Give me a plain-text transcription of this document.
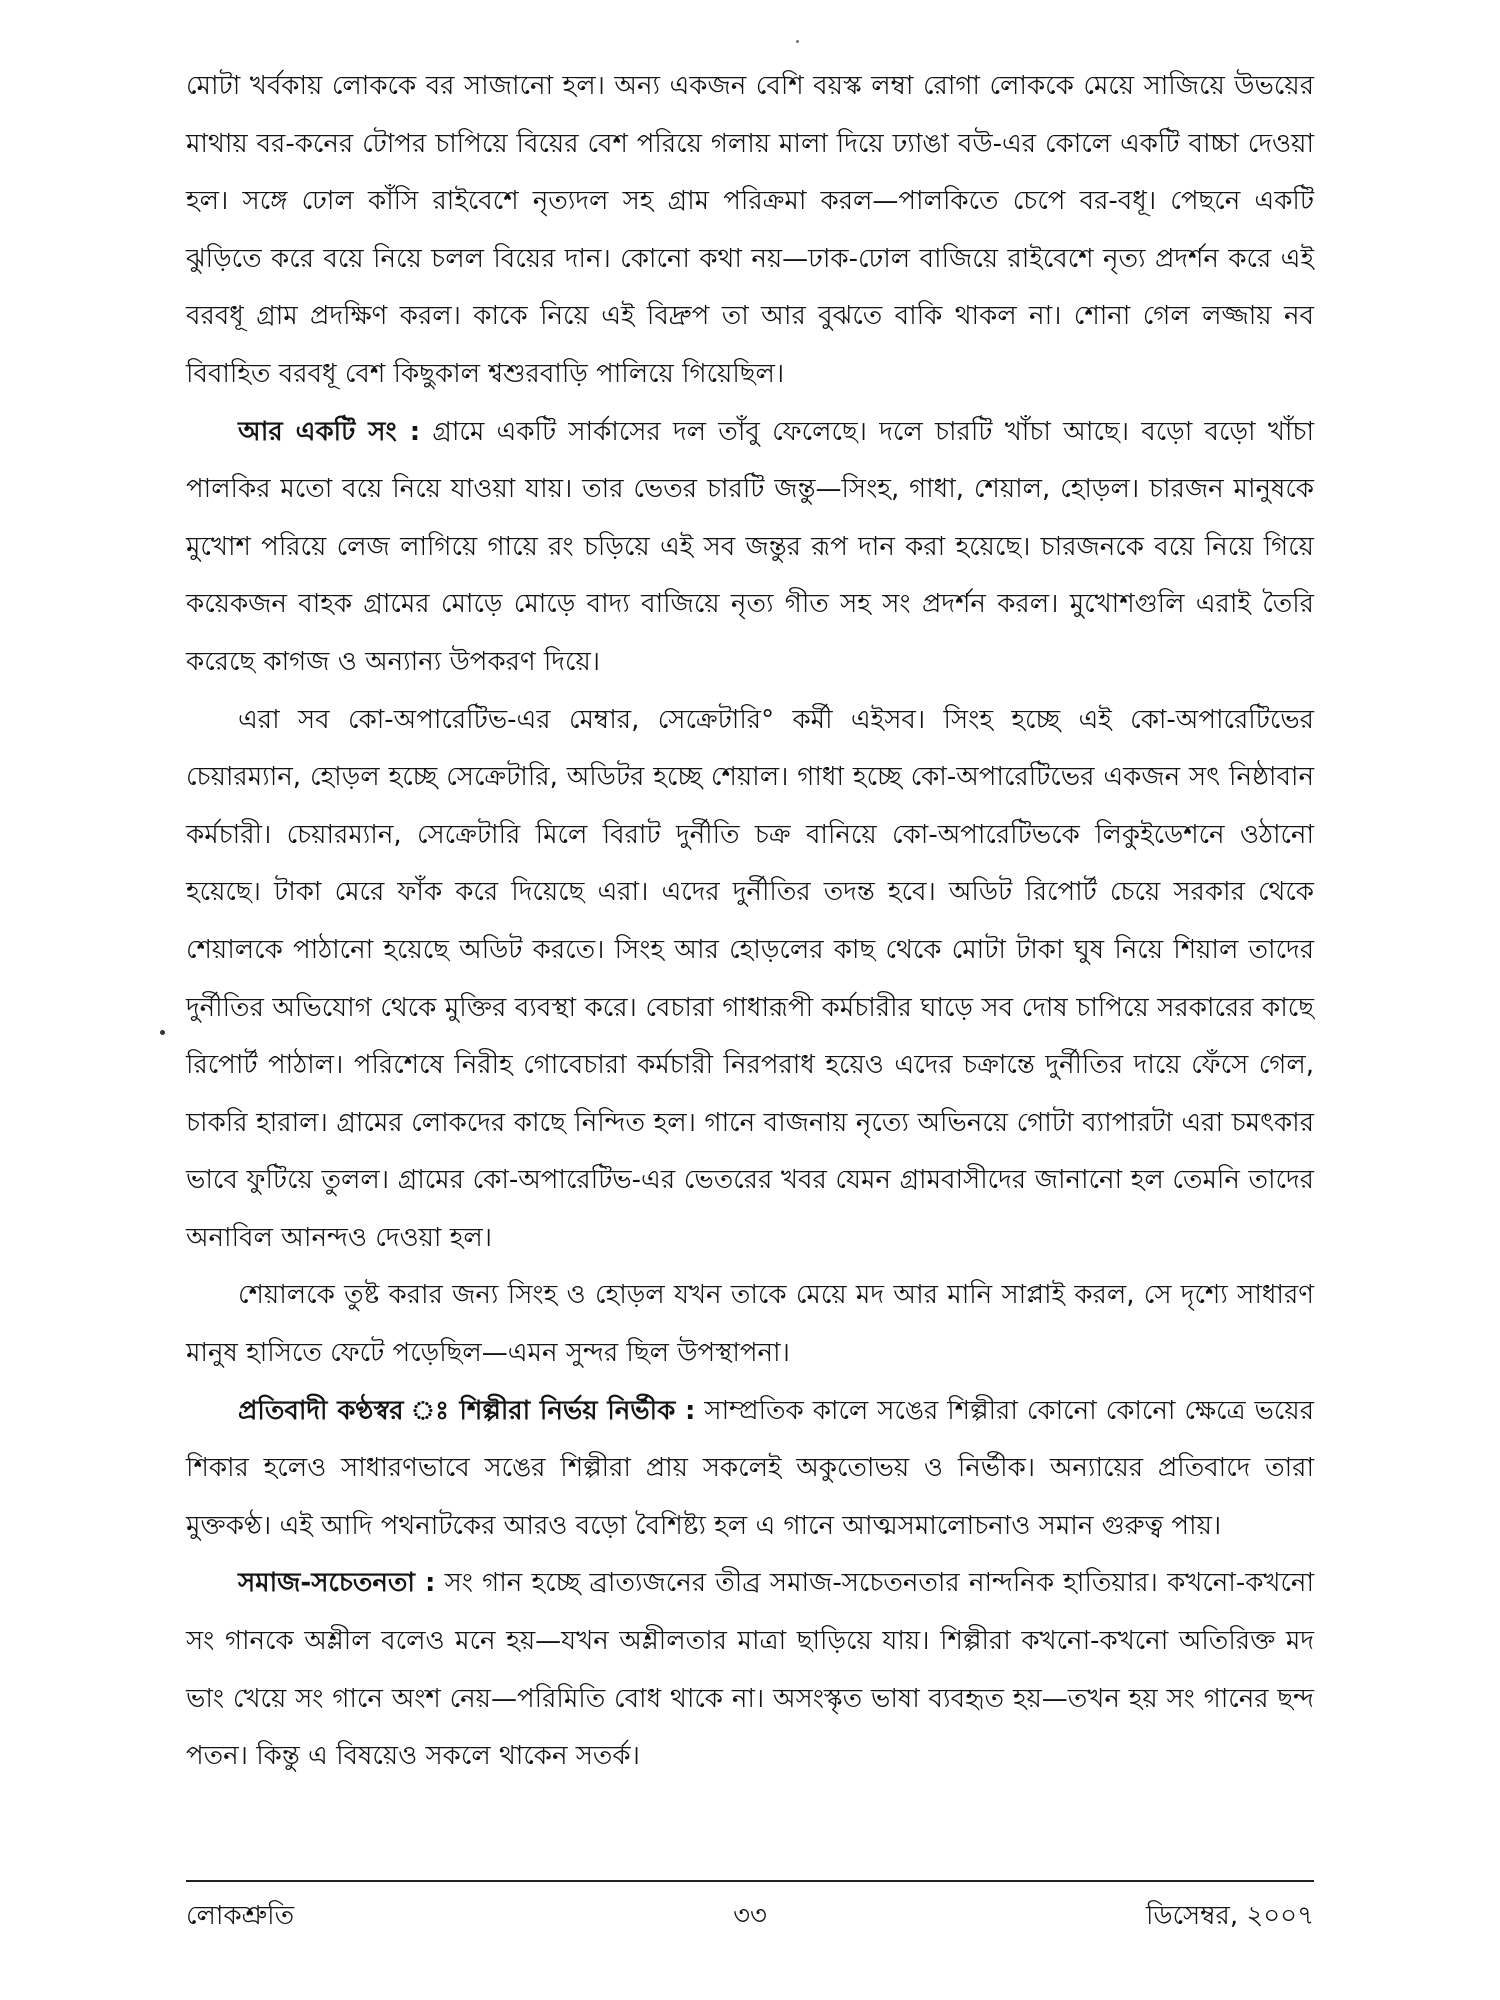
মোটা খর্বকায় লোককে বর সাজানো হল। অন্য একজন বেশি বয়স্ক লম্বা রোগা লোককে মেয়ে সাজিয়ে উভয়ের মাথায় বর-কনের টোপর চাপিয়ে বিয়ের বেশ পরিয়ে গলায় মালা দিয়ে ঢ্যাঙা বউ-এর কোলে একটি বাচ্চা দেওয়া হল। সঙ্গে ঢোল কাঁসি রাইবেশে নৃত্যদল সহ গ্রাম পরিক্রমা করল—পালকিতে চেপে বর-বধূ। পেছনে একটি ঝুড়িতে করে বয়ে নিয়ে চলল বিয়ের দান। কোনো কথা নয়—ঢাক-ঢোল বাজিয়ে রাইবেশে নৃত্য প্রদর্শন করে এই বরবধূ গ্রাম প্রদক্ষিণ করল। কাকে নিয়ে এই বিদ্রুপ তা আর বুঝতে বাকি থাকল না। শোনা গেল লজ্জায় নব বিবাহিত বরবধূ বেশ কিছুকাল শ্বশুরবাড়ি পালিয়ে গিয়েছিল।

আর একটি সং : গ্রামে একটি সার্কাসের দল তাঁবু ফেলেছে। দলে চারটি খাঁচা আছে। বড়ো বড়ো খাঁচা পালকির মতো বয়ে নিয়ে যাওয়া যায়। তার ভেতর চারটি জন্তু—সিংহ, গাধা, শেয়াল, হোড়ল। চারজন মানুষকে মুখোশ পরিয়ে লেজ লাগিয়ে গায়ে রং চড়িয়ে এই সব জন্তুর রূপ দান করা হয়েছে। চারজনকে বয়ে নিয়ে গিয়ে কয়েকজন বাহক গ্রামের মোড়ে মোড়ে বাদ্য বাজিয়ে নৃত্য গীত সহ সং প্রদর্শন করল। মুখোশগুলি এরাই তৈরি করেছে কাগজ ও অন্যান্য উপকরণ দিয়ে।

এরা সব কো-অপারেটিভ-এর মেম্বার, সেক্রেটারি° কর্মী এইসব। সিংহ হচ্ছে এই কো-অপারেটিভের চেয়ারম্যান, হোড়ল হচ্ছে সেক্রেটারি, অডিটর হচ্ছে শেয়াল। গাধা হচ্ছে কো-অপারেটিভের একজন সৎ নিষ্ঠাবান কর্মচারী। চেয়ারম্যান, সেক্রেটারি মিলে বিরাট দুর্নীতি চক্র বানিয়ে কো-অপারেটিভকে লিকুইডেশনে ওঠানো হয়েছে। টাকা মেরে ফাঁক করে দিয়েছে এরা। এদের দুর্নীতির তদন্ত হবে। অডিট রিপোর্ট চেয়ে সরকার থেকে শেয়ালকে পাঠানো হয়েছে অডিট করতে। সিংহ আর হোড়লের কাছ থেকে মোটা টাকা ঘুষ নিয়ে শিয়াল তাদের দুর্নীতির অভিযোগ থেকে মুক্তির ব্যবস্থা করে। বেচারা গাধারূপী কর্মচারীর ঘাড়ে সব দোষ চাপিয়ে সরকারের কাছে রিপোর্ট পাঠাল। পরিশেষে নিরীহ গোবেচারা কর্মচারী নিরপরাধ হয়েও এদের চক্রান্তে দুর্নীতির দায়ে ফেঁসে গেল, চাকরি হারাল। গ্রামের লোকদের কাছে নিন্দিত হল। গানে বাজনায় নৃত্যে অভিনয়ে গোটা ব্যাপারটা এরা চমৎকার ভাবে ফুটিয়ে তুলল। গ্রামের কো-অপারেটিভ-এর ভেতরের খবর যেমন গ্রামবাসীদের জানানো হল তেমনি তাদের অনাবিল আনন্দও দেওয়া হল।

শেয়ালকে তুষ্ট করার জন্য সিংহ ও হোড়ল যখন তাকে মেয়ে মদ আর মানি সাপ্লাই করল, সে দৃশ্যে সাধারণ মানুষ হাসিতে ফেটে পড়েছিল—এমন সুন্দর ছিল উপস্থাপনা।

প্রতিবাদী কণ্ঠস্বর ঃ শিল্পীরা নির্ভয় নির্ভীক : সাম্প্রতিক কালে সঙের শিল্পীরা কোনো কোনো ক্ষেত্রে ভয়ের শিকার হলেও সাধারণভাবে সঙের শিল্পীরা প্রায় সকলেই অকুতোভয় ও নির্ভীক। অন্যায়ের প্রতিবাদে তারা মুক্তকণ্ঠ। এই আদি পথনাটকের আরও বড়ো বৈশিষ্ট্য হল এ গানে আত্মসমালোচনাও সমান গুরুত্ব পায়।

সমাজ-সচেতনতা : সং গান হচ্ছে ব্রাত্যজনের তীব্র সমাজ-সচেতনতার নান্দনিক হাতিয়ার। কখনো-কখনো সং গানকে অশ্লীল বলেও মনে হয়—যখন অশ্লীলতার মাত্রা ছাড়িয়ে যায়। শিল্পীরা কখনো-কখনো অতিরিক্ত মদ ভাং খেয়ে সং গানে অংশ নেয়—পরিমিতি বোধ থাকে না। অসংস্কৃত ভাষা ব্যবহৃত হয়—তখন হয় সং গানের ছন্দ পতন। কিন্তু এ বিষয়েও সকলে থাকেন সতর্ক।

লোকশ্রুতি	৩৩	ডিসেম্বর, ২০০৭
